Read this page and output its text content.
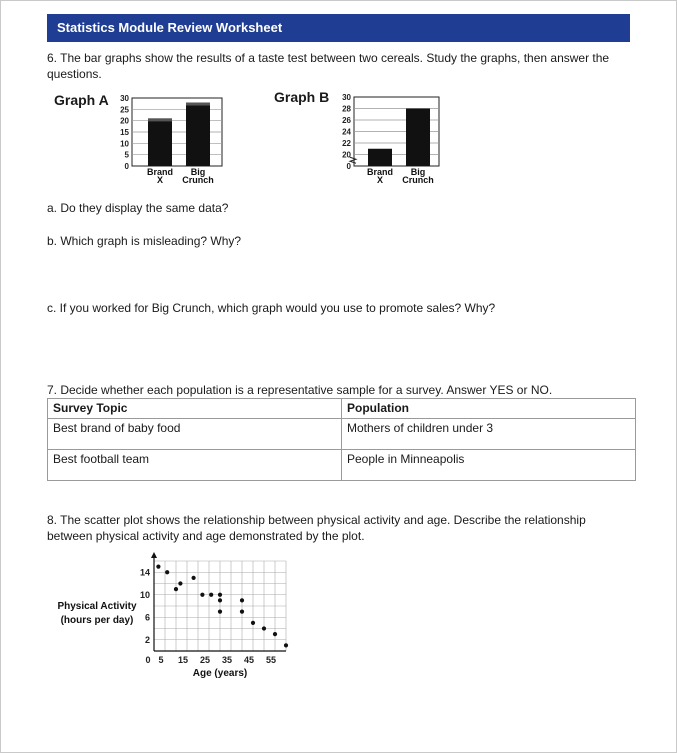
Statistics Module Review Worksheet
6. The bar graphs show the results of a taste test between two cereals. Study the graphs, then answer the questions.
Graph A 30
25
20
15
10
5
0
Brand
X
Big
Crunch
Graph B 30
28
26
24
22
20
0
Brand
X
Big
Crunch
a. Do they display the same data?
b. Which graph is misleading? Why?
c. If you worked for Big Crunch, which graph would you use to promote sales? Why?
7. Decide whether each population is a representative sample for a survey. Answer YES or NO.
Survey Topic	Population
Best brand of baby food	Mothers of children under 3
Best football team	People in Minneapolis
8. The scatter plot shows the relationship between physical activity and age. Describe the relationship between physical activity and age demonstrated by the plot.
14
10
6
2
0 5 15 25 35 45 55
Physical Activity
(hours per day)
Age (years)
